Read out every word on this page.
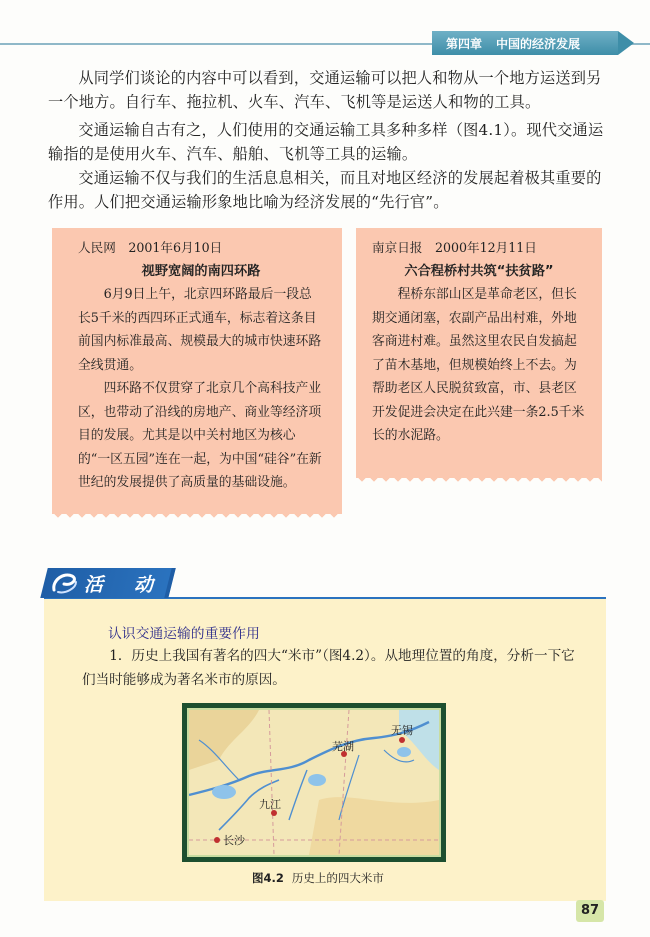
第四章 中国的经济发展

从同学们谈论的内容中可以看到，交通运输可以把人和物从一个地方运送到另一个地方。自行车、拖拉机、火车、汽车、飞机等是运送人和物的工具。

交通运输自古有之，人们使用的交通运输工具多种多样（图4.1）。现代交通运输指的是使用火车、汽车、船舶、飞机等工具的运输。

交通运输不仅与我们的生活息息相关，而且对地区经济的发展起着极其重要的作用。人们把交通运输形象地比喻为经济发展的“先行官”。

人民网　2001年6月10日
视野宽阔的南四环路

6月9日上午，北京四环路最后一段总长5千米的西四环正式通车，标志着这条目前国内标准最高、规模最大的城市快速环路全线贯通。

四环路不仅贯穿了北京几个高科技产业区，也带动了沿线的房地产、商业等经济项目的发展。尤其是以中关村地区为核心的“一区五园”连在一起，为中国“硅谷”在新世纪的发展提供了高质量的基础设施。

南京日报　2000年12月11日
六合程桥村共筑“扶贫路”

程桥东部山区是革命老区，但长期交通闭塞，农副产品出村难，外地客商进村难。虽然这里农民自发搞起了苗木基地，但规模始终上不去。为帮助老区人民脱贫致富，市、县老区开发促进会决定在此兴建一条2.5千米长的水泥路。

活　动
认识交通运输的重要作用

1．历史上我国有著名的四大“米市”（图4.2）。从地理位置的角度，分析一下它们当时能够成为著名米市的原因。

无锡
芜湖
九江
长沙
图4.2 历史上的四大米市
87
